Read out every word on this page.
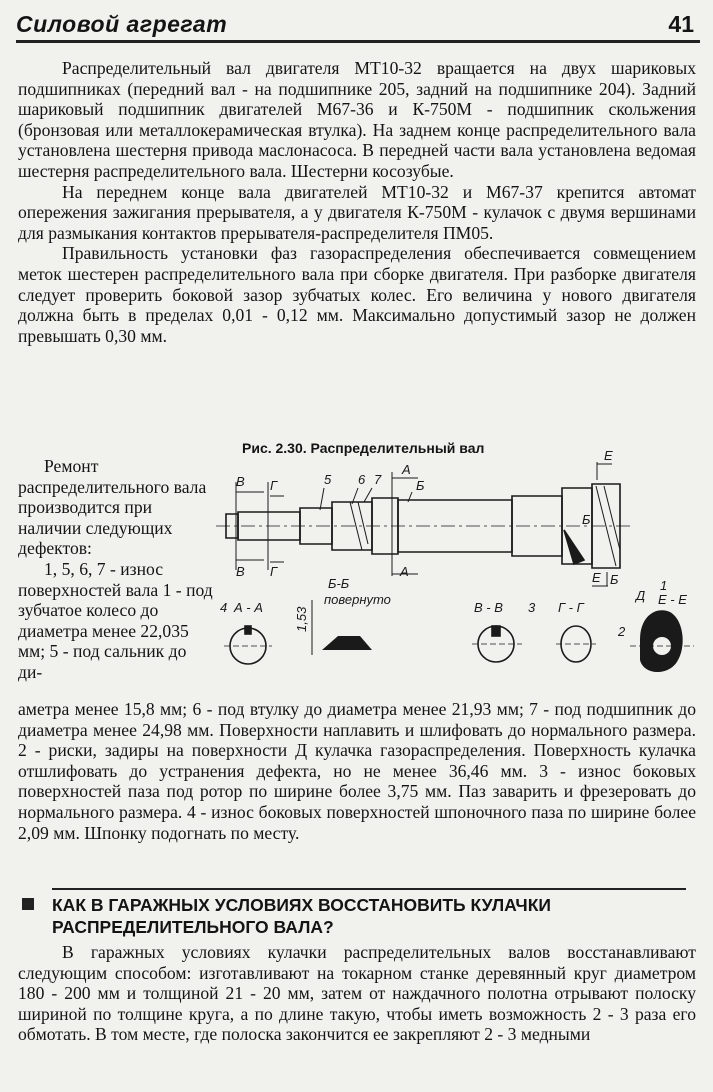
Силовой агрегат	41

Распределительный вал двигателя МТ10-32 вращается на двух шариковых подшипниках (передний вал - на подшипнике 205, задний на подшипнике 204). Задний шариковый подшипник двигателей М67-36 и К-750М - подшипник скольжения (бронзовая или металлокерамическая втулка). На заднем конце распределительного вала установлена шестерня привода маслонасоса. В передней части вала установлена ведомая шестерня распределительного вала. Шестерни косозубые.

На переднем конце вала двигателей МТ10-32 и М67-37 крепится автомат опережения зажигания прерывателя, а у двигателя К-750М - кулачок с двумя вершинами для размыкания контактов прерывателя-распределителя ПМ05.

Правильность установки фаз газораспределения обеспечивается совмещением меток шестерен распределительного вала при сборке двигателя. При разборке двигателя следует проверить боковой зазор зубчатых колес. Его величина у нового двигателя должна быть в пределах 0,01 - 0,12 мм. Максимально допустимый зазор не должен превышать 0,30 мм.

Ремонт распределительного вала производится при наличии следующих дефектов:

1, 5, 6, 7 - износ поверхностей вала 1 - под зубчатое колесо до диаметра менее 22,035 мм; 5 - под сальник до ди-

Рис. 2.30. Распределительный вал
В Г
В Г
5 6 7
А
Б
А
Е
Б
Е Б
4 А - А 1,53
Б-Б
повернуто
В - В 3 Г - Г
Д
1
Е - Е
2

аметра менее 15,8 мм; 6 - под втулку до диаметра менее 21,93 мм; 7 - под подшипник до диаметра менее 24,98 мм. Поверхности наплавить и шлифовать до нормального размера. 2 - риски, задиры на поверхности Д кулачка газораспределения. Поверхность кулачка отшлифовать до устранения дефекта, но не менее 36,46 мм. 3 - износ боковых поверхностей паза под ротор по ширине более 3,75 мм. Паз заварить и фрезеровать до нормального размера. 4 - износ боковых поверхностей шпоночного паза по ширине более 2,09 мм. Шпонку подогнать по месту.

КАК В ГАРАЖНЫХ УСЛОВИЯХ ВОССТАНОВИТЬ КУЛАЧКИ РАСПРЕДЕЛИТЕЛЬНОГО ВАЛА?

В гаражных условиях кулачки распределительных валов восстанавливают следующим способом: изготавливают на токарном станке деревянный круг диаметром 180 - 200 мм и толщиной 21 - 20 мм, затем от наждачного полотна отрывают полоску шириной по толщине круга, а по длине такую, чтобы иметь возможность 2 - 3 раза его обмотать. В том месте, где полоска закончится ее закрепляют 2 - 3 медными
